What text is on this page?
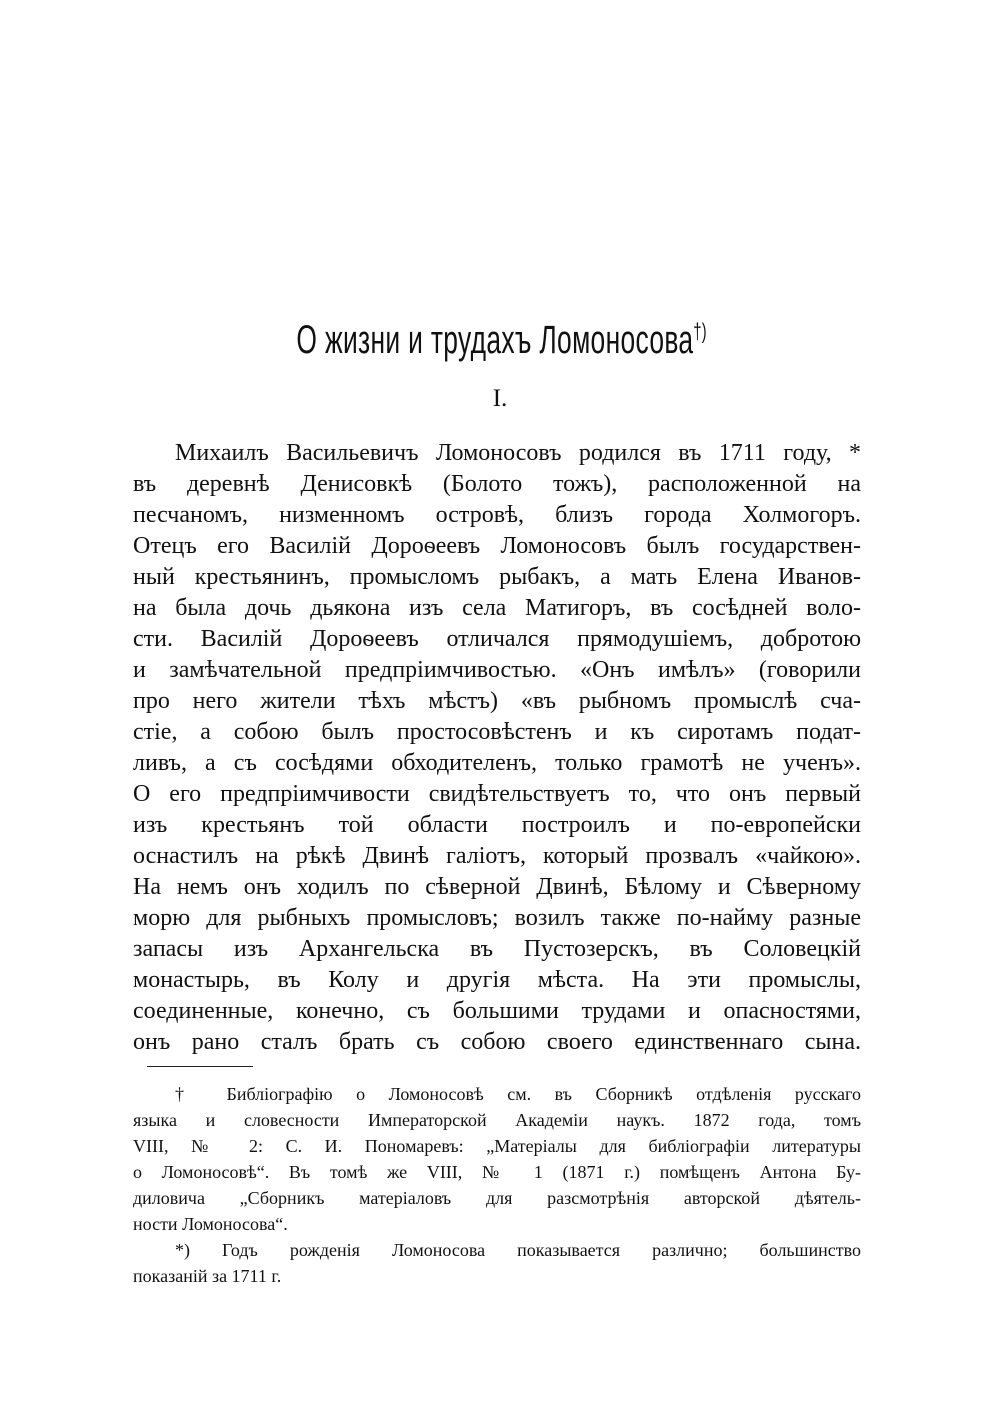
О жизни и трудахъ Ломоносова†)
I.
Михаилъ Васильевичъ Ломоносовъ родился въ 1711 году, *
въ деревнѣ Денисовкѣ (Болото тожъ), расположенной на
песчаномъ, низменномъ островѣ, близъ города Холмогоръ.
Отецъ его Василій Дороѳеевъ Ломоносовъ былъ государствен-
ный крестьянинъ, промысломъ рыбакъ, а мать Елена Иванов-
на была дочь дьякона изъ села Матигоръ, въ сосѣдней воло-
сти. Василій Дороѳеевъ отличался прямодушіемъ, добротою
и замѣчательной предпріимчивостью. «Онъ имѣлъ» (говорили
про него жители тѣхъ мѣстъ) «въ рыбномъ промыслѣ сча-
стіе, а собою былъ простосовѣстенъ и къ сиротамъ подат-
ливъ, а съ сосѣдями обходителенъ, только грамотѣ не ученъ».
О его предпріимчивости свидѣтельствуетъ то, что онъ первый
изъ крестьянъ той области построилъ и по-европейски
оснастилъ на рѣкѣ Двинѣ галіотъ, который прозвалъ «чайкою».
На немъ онъ ходилъ по сѣверной Двинѣ, Бѣлому и Сѣверному
морю для рыбныхъ промысловъ; возилъ также по-найму разные
запасы изъ Архангельска въ Пустозерскъ, въ Соловецкій
монастырь, въ Колу и другія мѣста. На эти промыслы,
соединенные, конечно, съ большими трудами и опасностями,
онъ рано сталъ брать съ собою своего единственнаго сына.
† Библіографію о Ломоносовѣ см. въ Сборникѣ отдѣленія русскаго
языка и словесности Императорской Академіи наукъ. 1872 года, томъ
VIII, № 2: С. И. Пономаревъ: „Матеріалы для библіографіи литературы
о Ломоносовѣ“. Въ томѣ же VIII, № 1 (1871 г.) помѣщенъ Антона Бу-
диловича „Сборникъ матеріаловъ для разсмотрѣнія авторской дѣятель-
ности Ломоносова“.
*) Годъ рожденія Ломоносова показывается различно; большинство
показаній за 1711 г.
